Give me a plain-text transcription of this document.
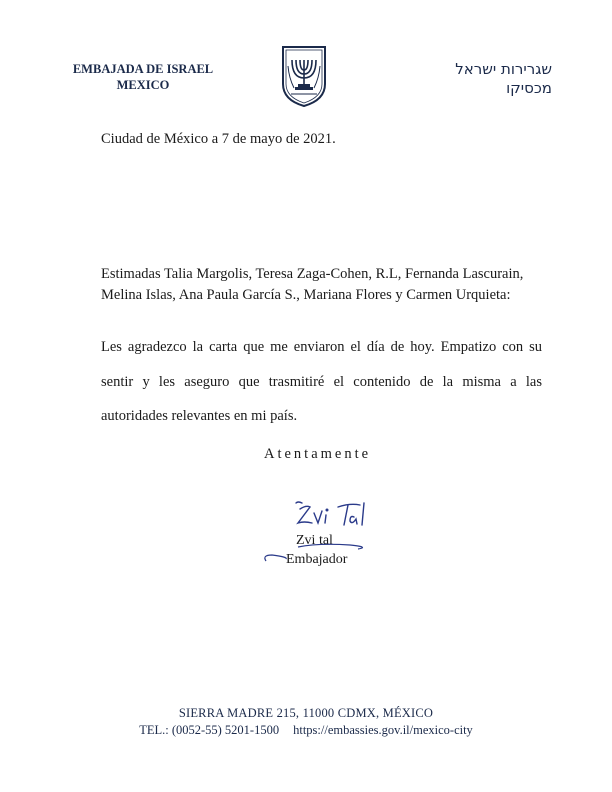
EMBAJADA DE ISRAEL
MEXICO
שגרירות ישראל
מכסיקו
Ciudad de México a 7 de mayo de 2021.
Estimadas Talia Margolis, Teresa Zaga-Cohen, R.L, Fernanda Lascurain, Melina Islas, Ana Paula García S., Mariana Flores y Carmen Urquieta:
Les agradezco la carta que me enviaron el día de hoy. Empatizo con su sentir y les aseguro que trasmitiré el contenido de la misma a las autoridades relevantes en mi país.
Atentamente
Zvi tal
Embajador
SIERRA MADRE 215, 11000 CDMX, MÉXICO
TEL.: (0052-55) 5201-1500 https://embassies.gov.il/mexico-city
